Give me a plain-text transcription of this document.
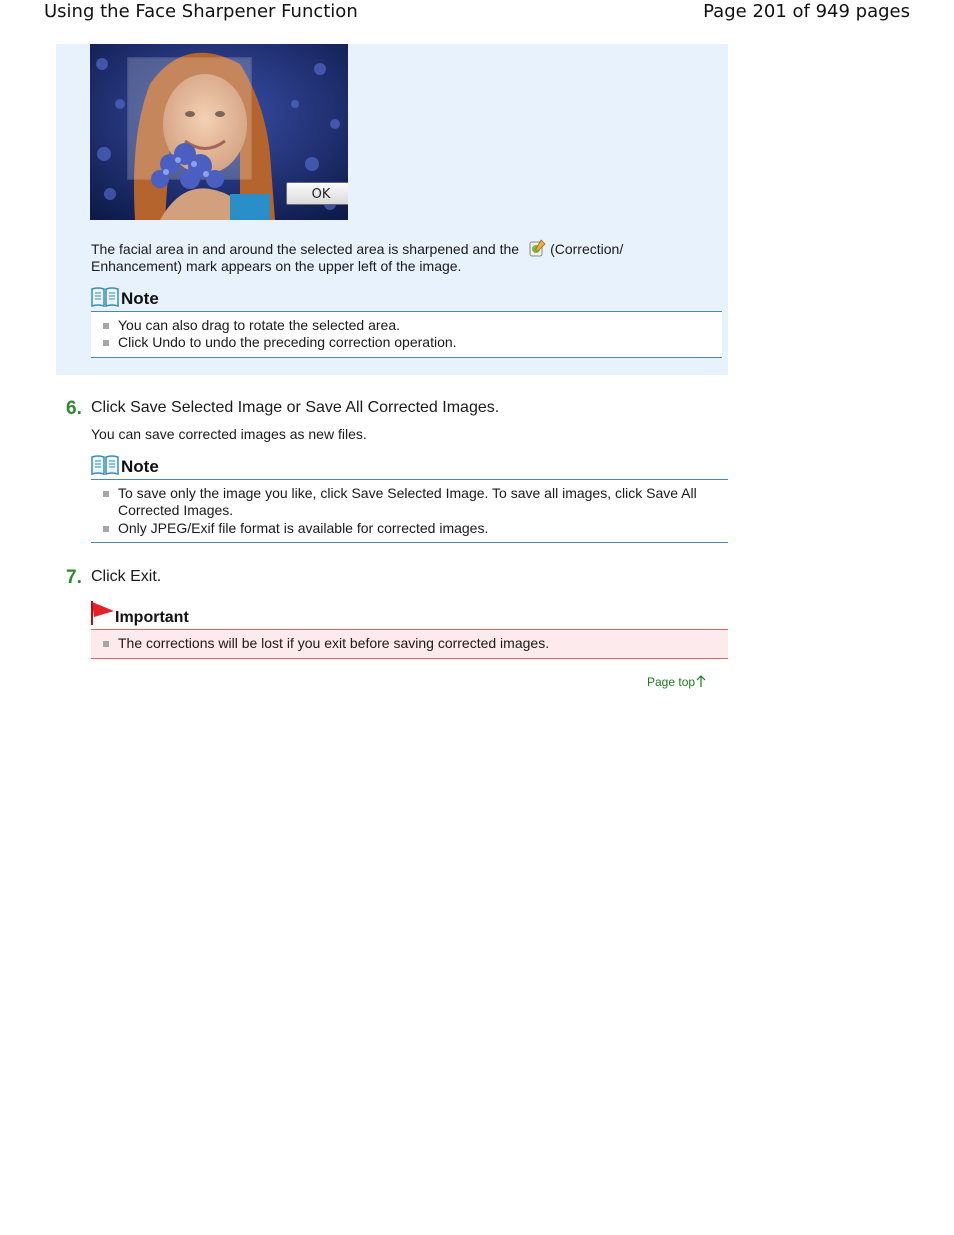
Using the Face Sharpener Function	Page 201 of 949 pages
OK
The facial area in and around the selected area is sharpened and the (Correction/ Enhancement) mark appears on the upper left of the image.
Note
You can also drag to rotate the selected area.
Click Undo to undo the preceding correction operation.
6. Click Save Selected Image or Save All Corrected Images.
You can save corrected images as new files.
Note
To save only the image you like, click Save Selected Image. To save all images, click Save All Corrected Images.
Only JPEG/Exif file format is available for corrected images.
7. Click Exit.
Important
The corrections will be lost if you exit before saving corrected images.
Page top
